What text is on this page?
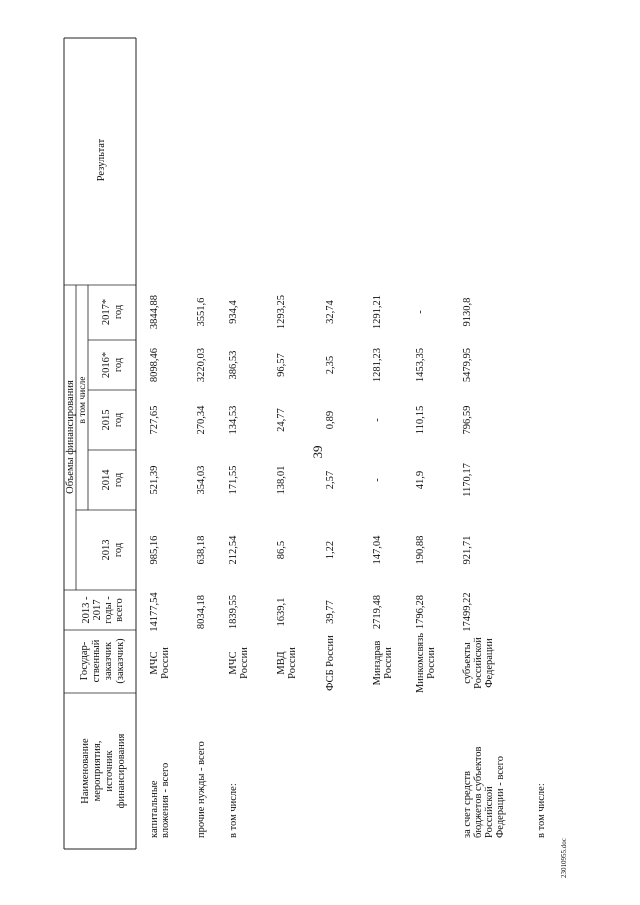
39
23010955.doc
Наименованиемероприятия,источникфинансирования
Государ-ственныйзаказчик(заказчик)
2013 -2017годы -всего
Объемы финансирования в том числе
2013год
2014год
2015год
2016*год
2017*год
Результат
капитальныевложения - всего
МЧСРоссии
14177,54
985,16
521,39
727,65
8098,46
3844,88
прочие нужды - всего
8034,18
638,18
354,03
270,34
3220,03
3551,6
в том числе:
МЧСРоссии
1839,55
212,54
171,55
134,53
386,53
934,4
МВДРоссии
1639,1
86,5
138,01
24,77
96,57
1293,25
ФСБ России
39,77
1,22
2,57
0,89
2,35
32,74
МинздравРоссии
2719,48
147,04
-
-
1281,23
1291,21
МинкомсвязьРоссии
1796,28
190,88
41,9
110,15
1453,35
-
за счет средствбюджетов субъектовРоссийскойФедерации - всего
субъектыРоссийскойФедерации
17499,22
921,71
1170,17
796,59
5479,95
9130,8
в том числе:
